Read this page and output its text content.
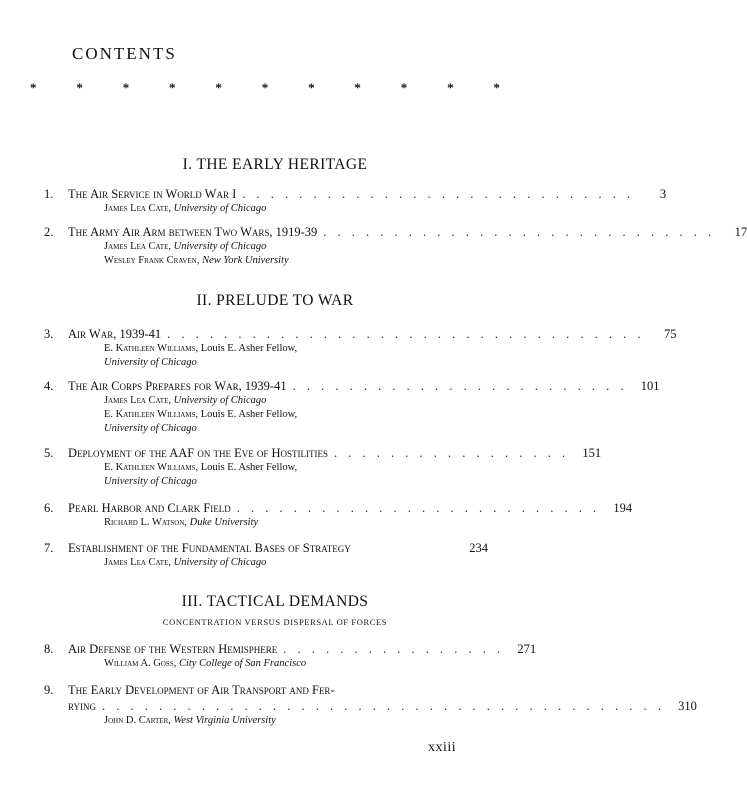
CONTENTS
*	*	*	*	*	*	*	*	*	*	*
I. THE EARLY HERITAGE
1.	The Air Service in World War I . . . . . . . . . . . . . . . . . . . . . . . . . . . .	3
James Lea Cate, University of Chicago
2.	The Army Air Arm between Two Wars, 1919-39 . . . . . . . . . . . . . . . . . . . . . . . . . . . .	17
James Lea Cate, University of Chicago
Wesley Frank Craven, New York University
II. PRELUDE TO WAR
3.	Air War, 1939-41 . . . . . . . . . . . . . . . . . . . . . . . . . . . . . . . . . .	75
E. Kathleen Williams, Louis E. Asher Fellow,
University of Chicago
4.	The Air Corps Prepares for War, 1939-41 . . . . . . . . . . . . . . . . . . . . . . . .	101
James Lea Cate, University of Chicago
E. Kathleen Williams, Louis E. Asher Fellow,
University of Chicago
5.	Deployment of the AAF on the Eve of Hostilities . . . . . . . . . . . . . . . . .	151
E. Kathleen Williams, Louis E. Asher Fellow,
University of Chicago
6.	Pearl Harbor and Clark Field . . . . . . . . . . . . . . . . . . . . . . . . . .	194
Richard L. Watson, Duke University
7.	Establishment of the Fundamental Bases of Strategy	234
James Lea Cate, University of Chicago
III. TACTICAL DEMANDS
CONCENTRATION VERSUS DISPERSAL OF FORCES
8.	Air Defense of the Western Hemisphere . . . . . . . . . . . . . . . .	271
William A. Goss, City College of San Francisco
9.	The Early Development of Air Transport and Fer-
rying . . . . . . . . . . . . . . . . . . . . . . . . . . . . . . . . . . . . . . . .	310
John D. Carter, West Virginia University
xxiii
